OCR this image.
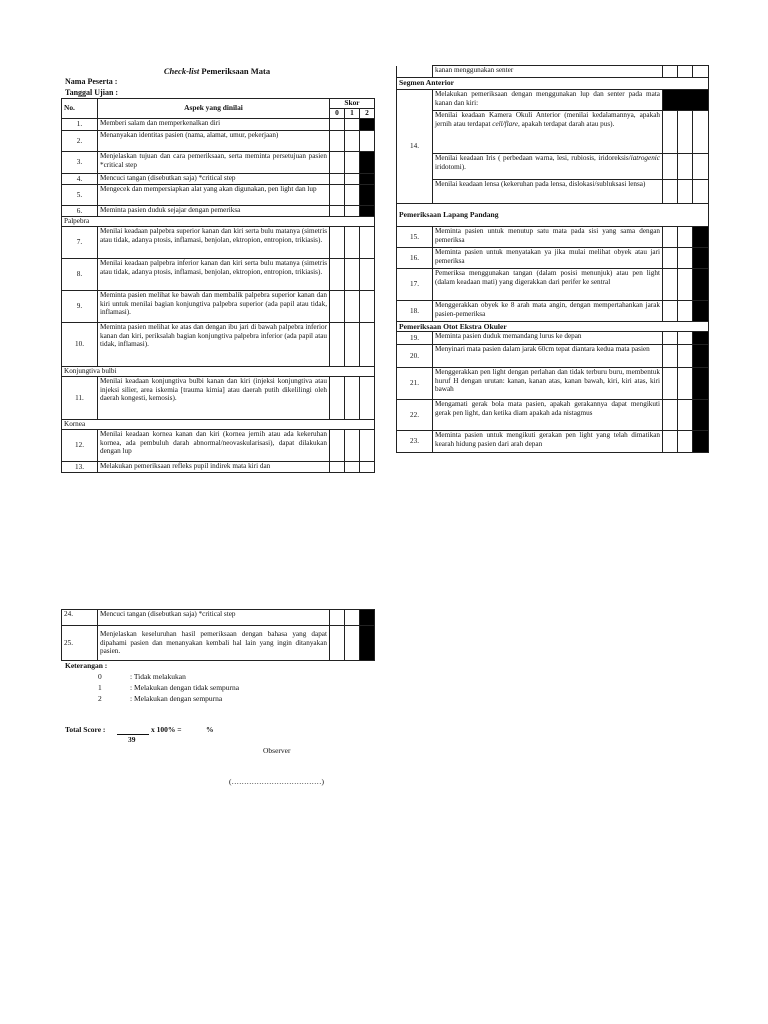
Check-list Pemeriksaan Mata
Nama Peserta :
Tanggal Ujian :
No.	Aspek yang dinilai	Skor		
		0	1	2
1.	Memberi salam dan memperkenalkan diri			
2.	Menanyakan identitas pasien (nama, alamat, umur, pekerjaan)			
3.	Menjelaskan tujuan dan cara pemeriksaan, serta meminta persetujuan pasien *critical step			
4.	Mencuci tangan (disebutkan saja) *critical step			
5.	Mengecek dan mempersiapkan alat yang akan digunakan, pen light dan lup			
6.	Meminta pasien duduk sejajar dengan pemeriksa			
Palpebra				
7.	Menilai keadaan palpebra superior kanan dan kiri serta bulu matanya (simetris atau tidak, adanya ptosis, inflamasi, benjolan, ektropion, entropion, trikiasis).			
8.	Menilai keadaan palpebra inferior kanan dan kiri serta bulu matanya (simetris atau tidak, adanya ptosis, inflamasi, benjolan, ektropion, entropion, trikiasis).			
9.	Meminta pasien melihat ke bawah dan membalik palpebra superior kanan dan kiri untuk menilai bagian konjungtiva palpebra superior (ada papil atau tidak, inflamasi).			
10.	Meminta pasien melihat ke atas dan dengan ibu jari di bawah palpebra inferior kanan dan kiri, periksalah bagian konjungtiva palpebra inferior (ada papil atau tidak, inflamasi).			
Konjungtiva bulbi				
11.	Menilai keadaan konjungtiva bulbi kanan dan kiri (injeksi konjungtiva atau injeksi silier, area iskemia [trauma kimia] atau daerah putih dikelilingi oleh daerah kongesti, kemosis).			
Kornea				
12.	Menilai keadaan kornea kanan dan kiri (kornea jernih atau ada kekeruhan kornea, ada pembuluh darah abnormal/neovaskularisasi), dapat dilakukan dengan lup			
13.	Melakukan pemeriksaan refleks pupil indirek mata kiri dan			
	kanan menggunakan senter			
Segmen Anterior				
14.	Melakukan pemeriksaan dengan menggunakan lup dan senter pada mata kanan dan kiri:			
	Menilai keadaan Kamera Okuli Anterior (menilai kedalamannya, apakah jernih atau terdapat cell/flare, apakah terdapat darah atau pus).			
	Menilai keadaan Iris ( perbedaan warna, lesi, rubiosis, iridoreksis/iatrogenic iridotomi).			
	Menilai keadaan lensa (kekeruhan pada lensa, dislokasi/subluksasi lensa)			
Pemeriksaan Lapang Pandang				
15.	Meminta pasien untuk menutup satu mata pada sisi yang sama dengan pemeriksa			
16.	Meminta pasien untuk menyatakan ya jika mulai melihat obyek atau jari pemeriksa			
17.	Pemeriksa menggunakan tangan (dalam posisi menunjuk) atau pen light (dalam keadaan mati) yang digerakkan dari perifer ke sentral			
18.	Menggerakkan obyek ke 8 arah mata angin, dengan mempertahankan jarak pasien-pemeriksa			
Pemeriksaan Otot Ekstra Okuler				
19.	Meminta pasien duduk memandang lurus ke depan			
20.	Menyinari mata pasien dalam jarak 60cm tepat diantara kedua mata pasien			
21.	Menggerakkan pen light dengan perlahan dan tidak terburu buru, membentuk huruf H dengan urutan: kanan, kanan atas, kanan bawah, kiri, kiri atas, kiri bawah			
22.	Mengamati gerak bola mata pasien, apakah gerakannya dapat mengikuti gerak pen light, dan ketika diam apakah ada nistagmus			
23.	Meminta pasien untuk mengikuti gerakan pen light yang telah dimatikan kearah hidung pasien dari arah depan			
24.	Mencuci tangan (disebutkan saja) *critical step			
25.	Menjelaskan keseluruhan hasil pemeriksaan dengan bahasa yang dapat dipahami pasien dan menanyakan kembali hal lain yang ingin ditanyakan pasien.			
Keterangan :
0	: Tidak melakukan
1	: Melakukan dengan tidak sempurna
2	: Melakukan dengan sempurna
Total Score :	x 100% =	%
39
Observer
(………………………………)
